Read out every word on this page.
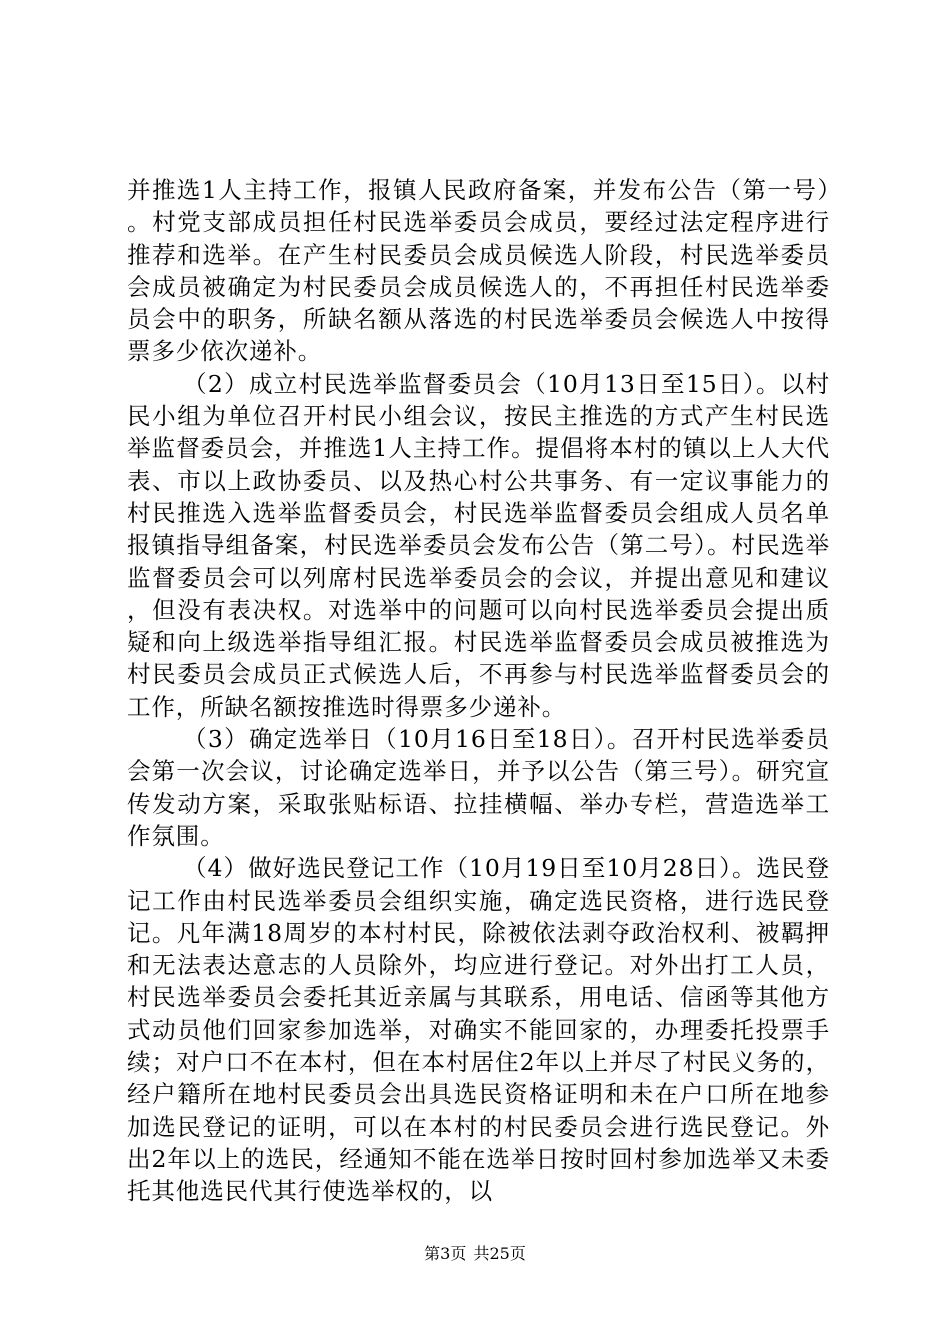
并推选1人主持工作，报镇人民政府备案，并发布公告（第一号）。村党支部成员担任村民选举委员会成员，要经过法定程序进行推荐和选举。在产生村民委员会成员候选人阶段，村民选举委员会成员被确定为村民委员会成员候选人的，不再担任村民选举委员会中的职务，所缺名额从落选的村民选举委员会候选人中按得票多少依次递补。

（2）成立村民选举监督委员会（10月13日至15日）。以村民小组为单位召开村民小组会议，按民主推选的方式产生村民选举监督委员会，并推选1人主持工作。提倡将本村的镇以上人大代表、市以上政协委员、以及热心村公共事务、有一定议事能力的村民推选入选举监督委员会，村民选举监督委员会组成人员名单报镇指导组备案，村民选举委员会发布公告（第二号）。村民选举监督委员会可以列席村民选举委员会的会议，并提出意见和建议，但没有表决权。对选举中的问题可以向村民选举委员会提出质疑和向上级选举指导组汇报。村民选举监督委员会成员被推选为村民委员会成员正式候选人后，不再参与村民选举监督委员会的工作，所缺名额按推选时得票多少递补。

（3）确定选举日（10月16日至18日）。召开村民选举委员会第一次会议，讨论确定选举日，并予以公告（第三号）。研究宣传发动方案，采取张贴标语、拉挂横幅、举办专栏，营造选举工作氛围。

（4）做好选民登记工作（10月19日至10月28日）。选民登记工作由村民选举委员会组织实施，确定选民资格，进行选民登记。凡年满18周岁的本村村民，除被依法剥夺政治权利、被羁押和无法表达意志的人员除外，均应进行登记。对外出打工人员，村民选举委员会委托其近亲属与其联系，用电话、信函等其他方式动员他们回家参加选举，对确实不能回家的，办理委托投票手续；对户口不在本村，但在本村居住2年以上并尽了村民义务的，经户籍所在地村民委员会出具选民资格证明和未在户口所在地参加选民登记的证明，可以在本村的村民委员会进行选民登记。外出2年以上的选民，经通知不能在选举日按时回村参加选举又未委托其他选民代其行使选举权的，以

第3页 共25页
